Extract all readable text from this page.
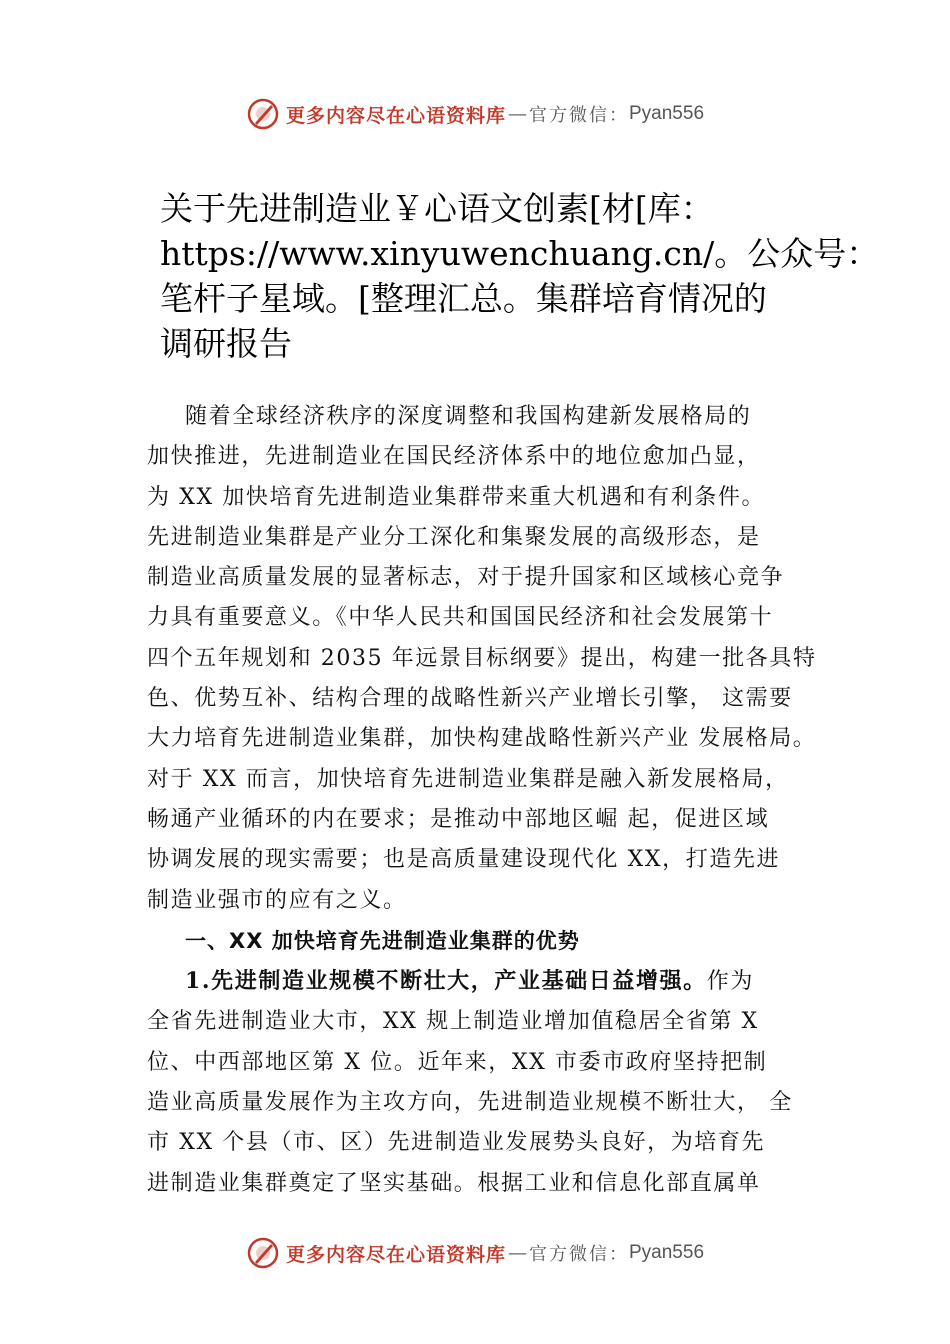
更多内容尽在心语资料库 — 官方微信： Pyan556
关于先进制造业￥心语文创素[材[库：
https://www.xinyuwenchuang.cn/。公众号：
笔杆子星域。[整理汇总。集群培育情况的
调研报告
随着全球经济秩序的深度调整和我国构建新发展格局的
加快推进，先进制造业在国民经济体系中的地位愈加凸显，
为 XX 加快培育先进制造业集群带来重大机遇和有利条件。
先进制造业集群是产业分工深化和集聚发展的高级形态，是
制造业高质量发展的显著标志，对于提升国家和区域核心竞争
力具有重要意义。《中华人民共和国国民经济和社会发展第十
四个五年规划和 2035 年远景目标纲要》提出，构建一批各具特
色、优势互补、结构合理的战略性新兴产业增长引擎， 这需要
大力培育先进制造业集群，加快构建战略性新兴产业 发展格局。
对于 XX 而言，加快培育先进制造业集群是融入新发展格局，
畅通产业循环的内在要求；是推动中部地区崛 起，促进区域
协调发展的现实需要；也是高质量建设现代化 XX，打造先进
制造业强市的应有之义。
一、XX 加快培育先进制造业集群的优势
1.先进制造业规模不断壮大，产业基础日益增强。作为
全省先进制造业大市，XX 规上制造业增加值稳居全省第 X
位、中西部地区第 X 位。近年来，XX 市委市政府坚持把制
造业高质量发展作为主攻方向，先进制造业规模不断壮大， 全
市 XX 个县（市、区）先进制造业发展势头良好，为培育先
进制造业集群奠定了坚实基础。根据工业和信息化部直属单
更多内容尽在心语资料库 — 官方微信： Pyan556
